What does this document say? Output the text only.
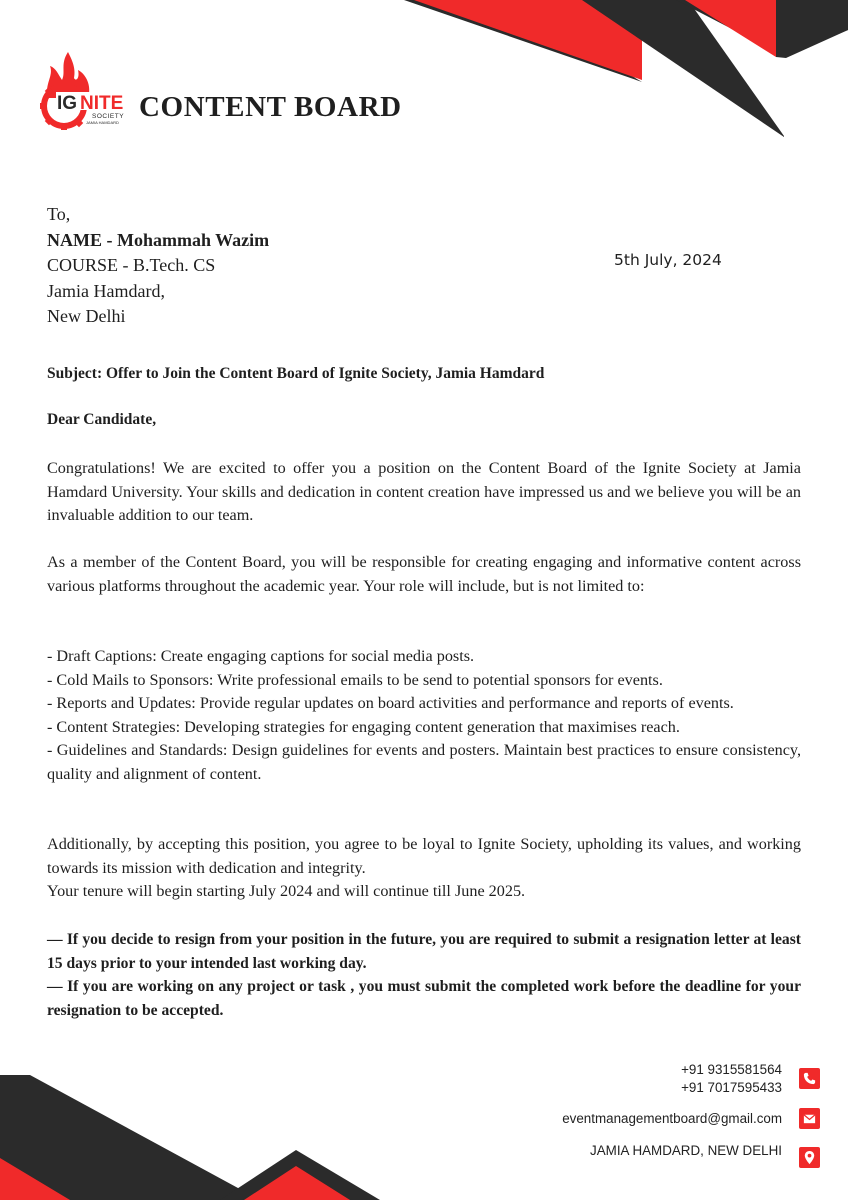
IG NITE
SOCIETY
JAMIA HAMDARD CONTENT BOARD
To,
NAME - Mohammah Wazim
COURSE - B.Tech. CS
Jamia Hamdard,
New Delhi
5th July, 2024
Subject: Offer to Join the Content Board of Ignite Society, Jamia Hamdard
Dear Candidate,

Congratulations! We are excited to offer you a position on the Content Board of the Ignite Society at Jamia Hamdard University. Your skills and dedication in content creation have impressed us and we believe you will be an invaluable addition to our team.

As a member of the Content Board, you will be responsible for creating engaging and informative content across various platforms throughout the academic year. Your role will include, but is not limited to:

- Draft Captions: Create engaging captions for social media posts.

- Cold Mails to Sponsors: Write professional emails to be send to potential sponsors for events.

- Reports and Updates: Provide regular updates on board activities and performance and reports of events.

- Content Strategies: Developing strategies for engaging content generation that maximises reach.

- Guidelines and Standards: Design guidelines for events and posters. Maintain best practices to ensure consistency, quality and alignment of content.

Additionally, by accepting this position, you agree to be loyal to Ignite Society, upholding its values, and working towards its mission with dedication and integrity.

Your tenure will begin starting July 2024 and will continue till June 2025.

— If you decide to resign from your position in the future, you are required to submit a resignation letter at least 15 days prior to your intended last working day.

— If you are working on any project or task , you must submit the completed work before the deadline for your resignation to be accepted.

+91 9315581564
+91 7017595433
eventmanagementboard@gmail.com
JAMIA HAMDARD, NEW DELHI
